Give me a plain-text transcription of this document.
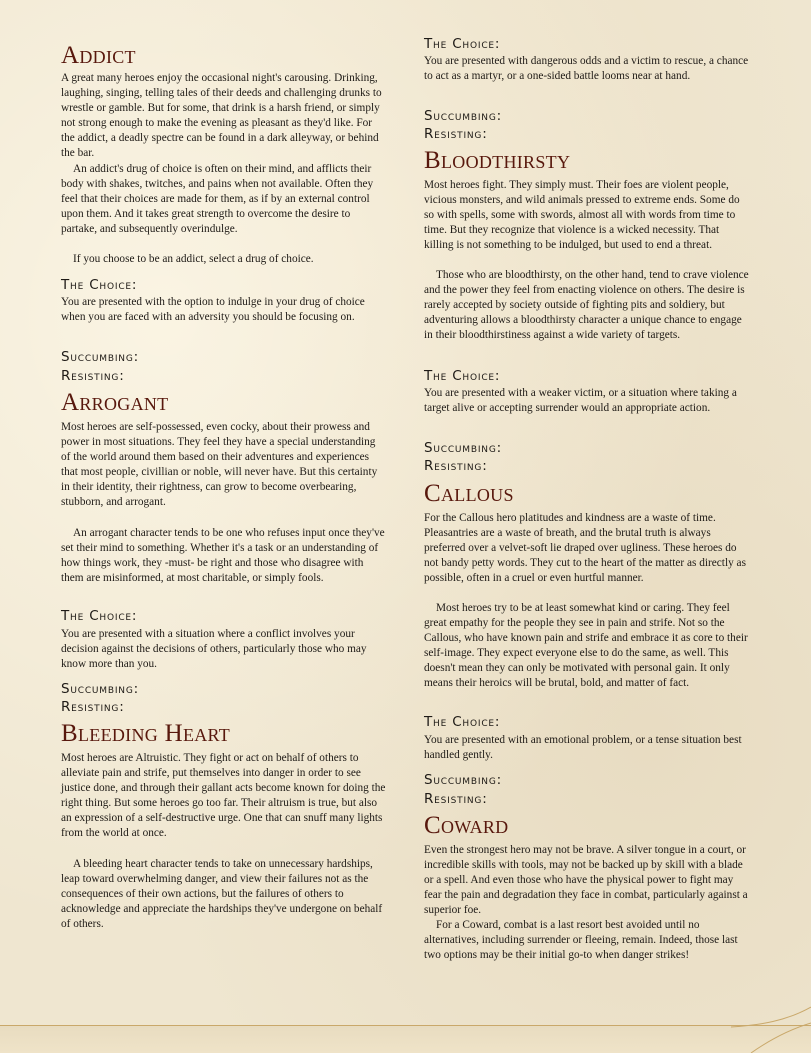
Addict

A great many heroes enjoy the occasional night's carousing. Drinking, laughing, singing, telling tales of their deeds and challenging drunks to wrestle or gamble. But for some, that drink is a harsh friend, or simply not strong enough to make the evening as pleasant as they'd like. For the addict, a deadly spectre can be found in a dark alleyway, or behind the bar.

An addict's drug of choice is often on their mind, and afflicts their body with shakes, twitches, and pains when not available. Often they feel that their choices are made for them, as if by an external control upon them. And it takes great strength to overcome the desire to partake, and subsequently overindulge.

If you choose to be an addict, select a drug of choice.

The Choice:

You are presented with the option to indulge in your drug of choice when you are faced with an adversity you should be focusing on.

Succumbing:
Resisting:
Arrogant

Most heroes are self-possessed, even cocky, about their prowess and power in most situations. They feel they have a special understanding of the world around them based on their adventures and experiences that most people, civillian or noble, will never have. But this certainty in their identity, their rightness, can grow to become overbearing, stubborn, and arrogant.

An arrogant character tends to be one who refuses input once they've set their mind to something. Whether it's a task or an understanding of how things work, they -must- be right and those who disagree with them are misinformed, at most charitable, or simply fools.

The Choice:

You are presented with a situation where a conflict involves your decision against the decisions of others, particularly those who may know more than you.

Succumbing:
Resisting:
Bleeding Heart

Most heroes are Altruistic. They fight or act on behalf of others to alleviate pain and strife, put themselves into danger in order to see justice done, and through their gallant acts become known for doing the right thing. But some heroes go too far. Their altruism is true, but also an expression of a self-destructive urge. One that can snuff many lights from the world at once.

A bleeding heart character tends to take on unnecessary hardships, leap toward overwhelming danger, and view their failures not as the consequences of their own actions, but the failures of others to acknowledge and appreciate the hardships they've undergone on behalf of others.

The Choice:

You are presented with dangerous odds and a victim to rescue, a chance to act as a martyr, or a one-sided battle looms near at hand.

Succumbing:
Resisting:
Bloodthirsty

Most heroes fight. They simply must. Their foes are violent people, vicious monsters, and wild animals pressed to extreme ends. Some do so with spells, some with swords, almost all with words from time to time. But they recognize that violence is a wicked necessity. That killing is not something to be indulged, but used to end a threat.

Those who are bloodthirsty, on the other hand, tend to crave violence and the power they feel from enacting violence on others. The desire is rarely accepted by society outside of fighting pits and soldiery, but adventuring allows a bloodthirsty character a unique chance to engage in their bloodthirstiness against a wide variety of targets.

The Choice:

You are presented with a weaker victim, or a situation where taking a target alive or accepting surrender would an appropriate action.

Succumbing:
Resisting:
Callous

For the Callous hero platitudes and kindness are a waste of time. Pleasantries are a waste of breath, and the brutal truth is always preferred over a velvet-soft lie draped over ugliness. These heroes do not bandy petty words. They cut to the heart of the matter as directly as possible, often in a cruel or even hurtful manner.

Most heroes try to be at least somewhat kind or caring. They feel great empathy for the people they see in pain and strife. Not so the Callous, who have known pain and strife and embrace it as core to their self-image. They expect everyone else to do the same, as well. This doesn't mean they can only be motivated with personal gain. It only means their heroics will be brutal, bold, and matter of fact.

The Choice:

You are presented with an emotional problem, or a tense situation best handled gently.

Succumbing:
Resisting:
Coward

Even the strongest hero may not be brave. A silver tongue in a court, or incredible skills with tools, may not be backed up by skill with a blade or a spell. And even those who have the physical power to fight may fear the pain and degradation they face in combat, particularly against a superior foe.

For a Coward, combat is a last resort best avoided until no alternatives, including surrender or fleeing, remain. Indeed, those last two options may be their initial go-to when danger strikes!
